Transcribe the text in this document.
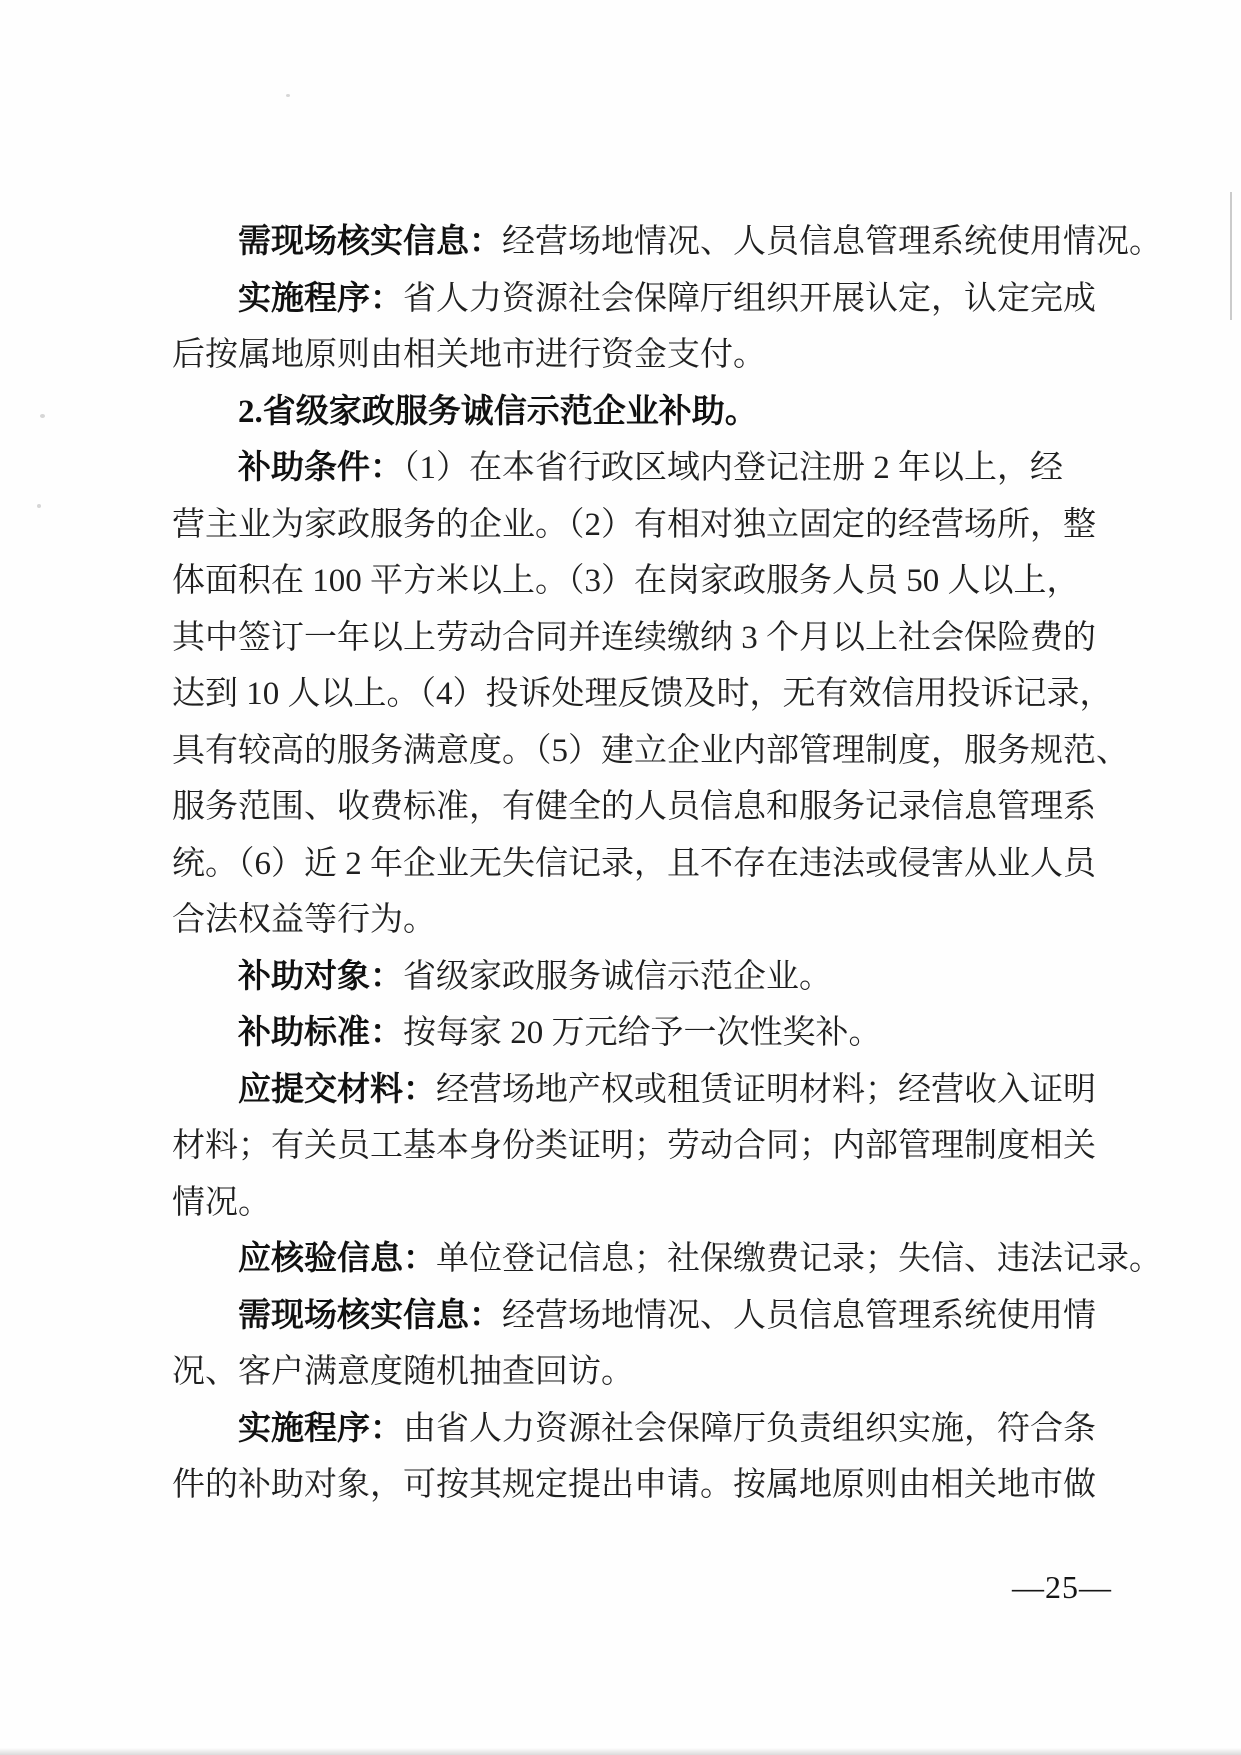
需现场核实信息：经营场地情况、人员信息管理系统使用情况。
实施程序：省人力资源社会保障厅组织开展认定，认定完成
后按属地原则由相关地市进行资金支付。
2.省级家政服务诚信示范企业补助。
补助条件：（1）在本省行政区域内登记注册 2 年以上，经
营主业为家政服务的企业。（2）有相对独立固定的经营场所，整
体面积在 100 平方米以上。（3）在岗家政服务人员 50 人以上，
其中签订一年以上劳动合同并连续缴纳 3 个月以上社会保险费的
达到 10 人以上。（4）投诉处理反馈及时，无有效信用投诉记录，
具有较高的服务满意度。（5）建立企业内部管理制度，服务规范、
服务范围、收费标准，有健全的人员信息和服务记录信息管理系
统。（6）近 2 年企业无失信记录，且不存在违法或侵害从业人员
合法权益等行为。
补助对象：省级家政服务诚信示范企业。
补助标准：按每家 20 万元给予一次性奖补。
应提交材料：经营场地产权或租赁证明材料；经营收入证明
材料；有关员工基本身份类证明；劳动合同；内部管理制度相关
情况。
应核验信息：单位登记信息；社保缴费记录；失信、违法记录。
需现场核实信息：经营场地情况、人员信息管理系统使用情
况、客户满意度随机抽查回访。
实施程序：由省人力资源社会保障厅负责组织实施，符合条
件的补助对象，可按其规定提出申请。按属地原则由相关地市做
—25—
